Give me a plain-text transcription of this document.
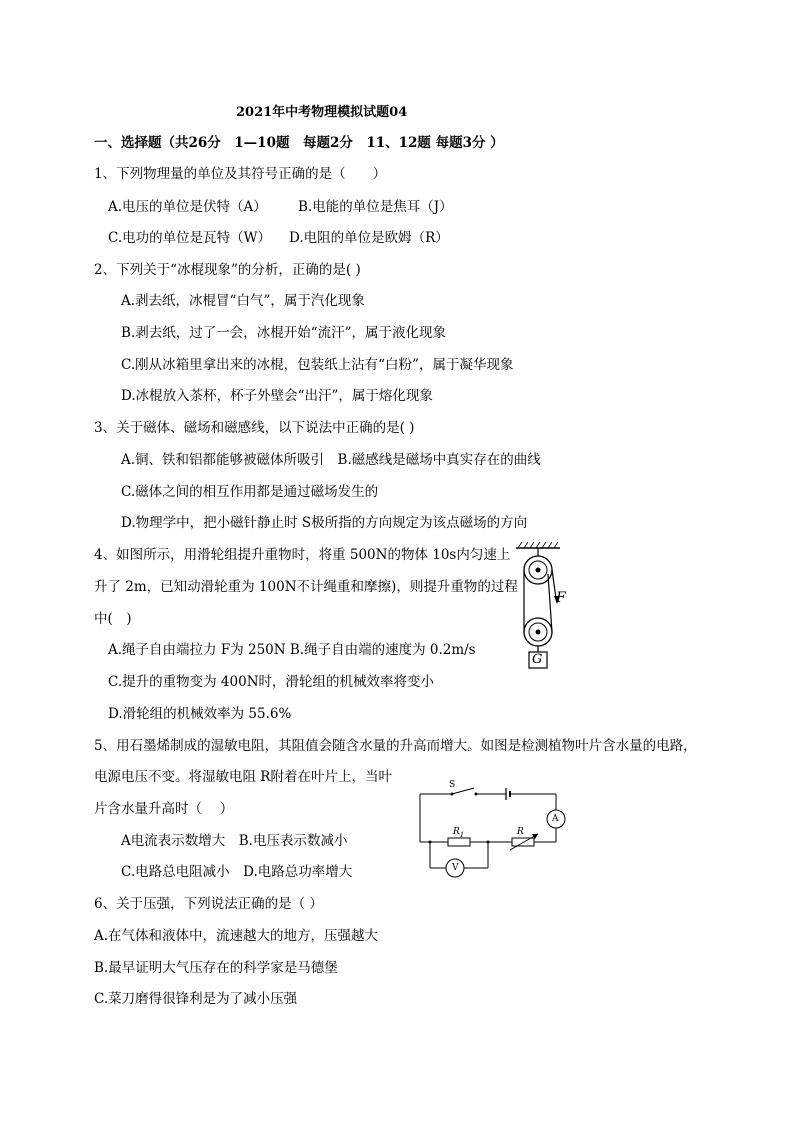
2021年中考物理模拟试题04
一、选择题（共26分　1—10题　每题2分　11、12题 每题3分 ）
1、下列物理量的单位及其符号正确的是（　　）
A.电压的单位是伏特（A） B.电能的单位是焦耳（J）
C.电功的单位是瓦特（W） D.电阻的单位是欧姆（R）
2、下列关于“冰棍现象”的分析，正确的是( )
A.剥去纸，冰棍冒“白气”，属于汽化现象
B.剥去纸，过了一会，冰棍开始“流汗”，属于液化现象
C.刚从冰箱里拿出来的冰棍，包装纸上沾有“白粉”，属于凝华现象
D.冰棍放入茶杯，杯子外壁会“出汗”，属于熔化现象
3、关于磁体、磁场和磁感线，以下说法中正确的是( )
A.铜、铁和铝都能够被磁体所吸引　B.磁感线是磁场中真实存在的曲线
C.磁体之间的相互作用都是通过磁场发生的
D.物理学中，把小磁针静止时 S极所指的方向规定为该点磁场的方向
4、如图所示，用滑轮组提升重物时，将重 500N的物体 10s内匀速上
升了 2m，已知动滑轮重为 100N不计绳重和摩擦)，则提升重物的过程
中(　)
A.绳子自由端拉力 F为 250N B.绳子自由端的速度为 0.2m/s
C.提升的重物变为 400N时，滑轮组的机械效率将变小
D.滑轮组的机械效率为 55.6%
F
G
5、用石墨烯制成的湿敏电阻，其阻值会随含水量的升高而增大。如图是检测植物叶片含水量的电路，
电源电压不变。将湿敏电阻 R附着在叶片上，当叶
片含水量升高时（　 ）
A电流表示数增大　B.电压表示数减小
C.电路总电阻减小　D.电路总功率增大
S
$R_1$	R
A
V
6、关于压强，下列说法正确的是（ ）
A.在气体和液体中，流速越大的地方，压强越大
B.最早证明大气压存在的科学家是马德堡
C.菜刀磨得很锋利是为了减小压强
